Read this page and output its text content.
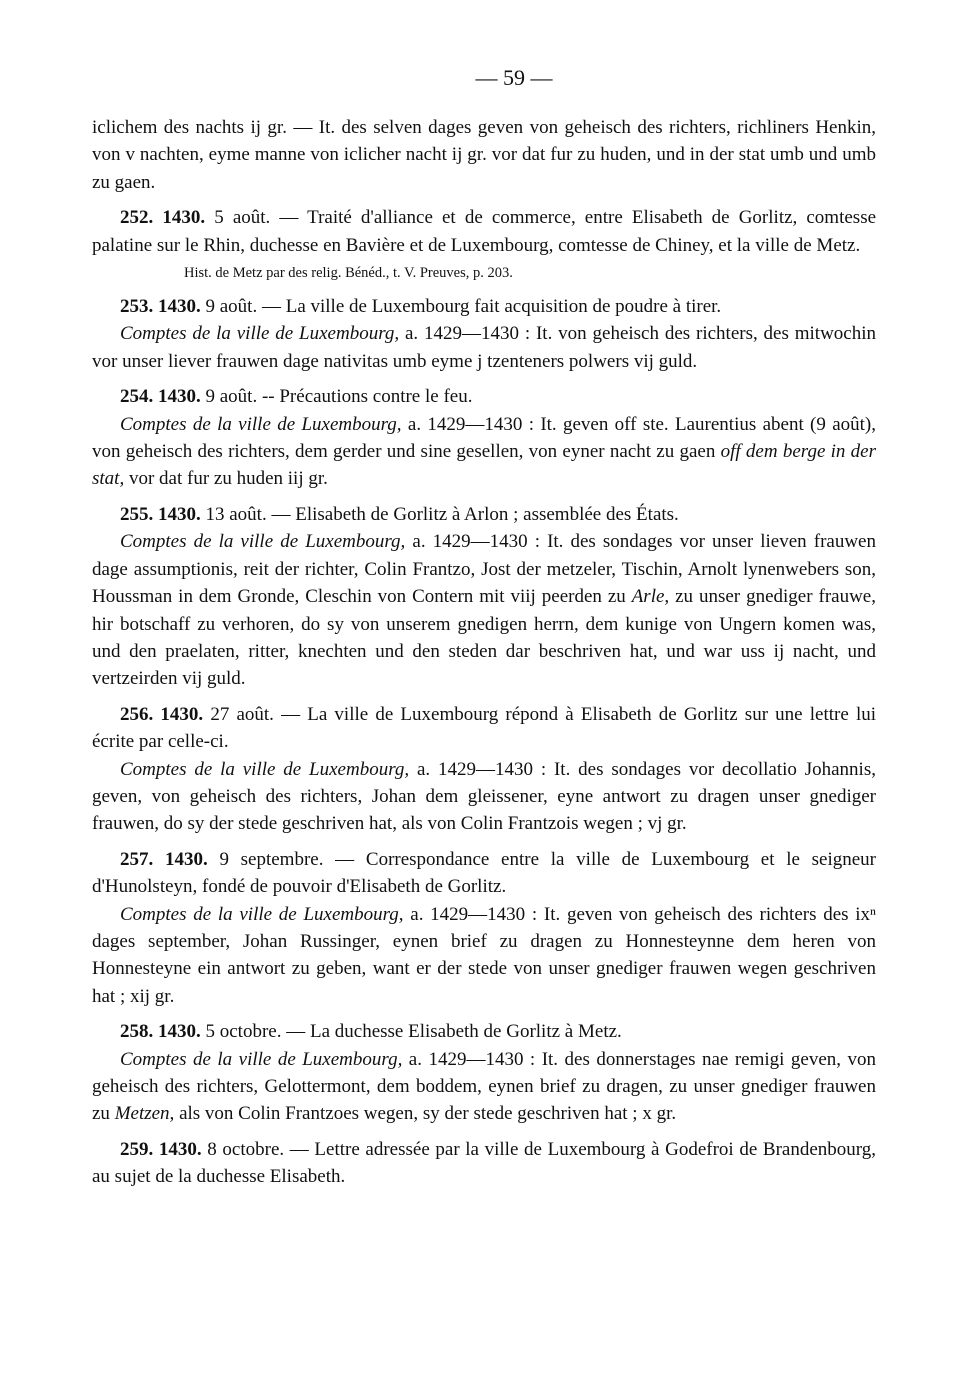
— 59 —

iclichem des nachts ij gr. — It. des selven dages geven von geheisch des richters, richliners Henkin, von v nachten, eyme manne von iclicher nacht ij gr. vor dat fur zu huden, und in der stat umb und umb zu gaen.

252. 1430. 5 août. — Traité d'alliance et de commerce, entre Elisabeth de Gorlitz, comtesse palatine sur le Rhin, duchesse en Bavière et de Luxembourg, comtesse de Chiney, et la ville de Metz.

Hist. de Metz par des relig. Bénéd., t. V. Preuves, p. 203.

253. 1430. 9 août. — La ville de Luxembourg fait acquisition de poudre à tirer.

Comptes de la ville de Luxembourg, a. 1429—1430 : It. von geheisch des richters, des mitwochin vor unser liever frauwen dage nativitas umb eyme j tzenteners polwers vij guld.

254. 1430. 9 août. -- Précautions contre le feu.

Comptes de la ville de Luxembourg, a. 1429—1430 : It. geven off ste. Laurentius abent (9 août), von geheisch des richters, dem gerder und sine gesellen, von eyner nacht zu gaen off dem berge in der stat, vor dat fur zu huden iij gr.

255. 1430. 13 août. — Elisabeth de Gorlitz à Arlon ; assemblée des États.

Comptes de la ville de Luxembourg, a. 1429—1430 : It. des sondages vor unser lieven frauwen dage assumptionis, reit der richter, Colin Frantzo, Jost der metzeler, Tischin, Arnolt lynenwebers son, Houssman in dem Gronde, Cleschin von Contern mit viij peerden zu Arle, zu unser gnediger frauwe, hir botschaff zu verhoren, do sy von unserem gnedigen herrn, dem kunige von Ungern komen was, und den praelaten, ritter, knechten und den steden dar beschriven hat, und war uss ij nacht, und vertzeirden vij guld.

256. 1430. 27 août. — La ville de Luxembourg répond à Elisabeth de Gorlitz sur une lettre lui écrite par celle-ci.

Comptes de la ville de Luxembourg, a. 1429—1430 : It. des sondages vor decollatio Johannis, geven, von geheisch des richters, Johan dem gleissener, eyne antwort zu dragen unser gnediger frauwen, do sy der stede geschriven hat, als von Colin Frantzois wegen ; vj gr.

257. 1430. 9 septembre. — Correspondance entre la ville de Luxembourg et le seigneur d'Hunolsteyn, fondé de pouvoir d'Elisabeth de Gorlitz.

Comptes de la ville de Luxembourg, a. 1429—1430 : It. geven von geheisch des richters des ixⁿ dages september, Johan Russinger, eynen brief zu dragen zu Honnesteynne dem heren von Honnesteyne ein antwort zu geben, want er der stede von unser gnediger frauwen wegen geschriven hat ; xij gr.

258. 1430. 5 octobre. — La duchesse Elisabeth de Gorlitz à Metz.

Comptes de la ville de Luxembourg, a. 1429—1430 : It. des donnerstages nae remigi geven, von geheisch des richters, Gelottermont, dem boddem, eynen brief zu dragen, zu unser gnediger frauwen zu Metzen, als von Colin Frantzoes wegen, sy der stede geschriven hat ; x gr.

259. 1430. 8 octobre. — Lettre adressée par la ville de Luxembourg à Godefroi de Brandenbourg, au sujet de la duchesse Elisabeth.
